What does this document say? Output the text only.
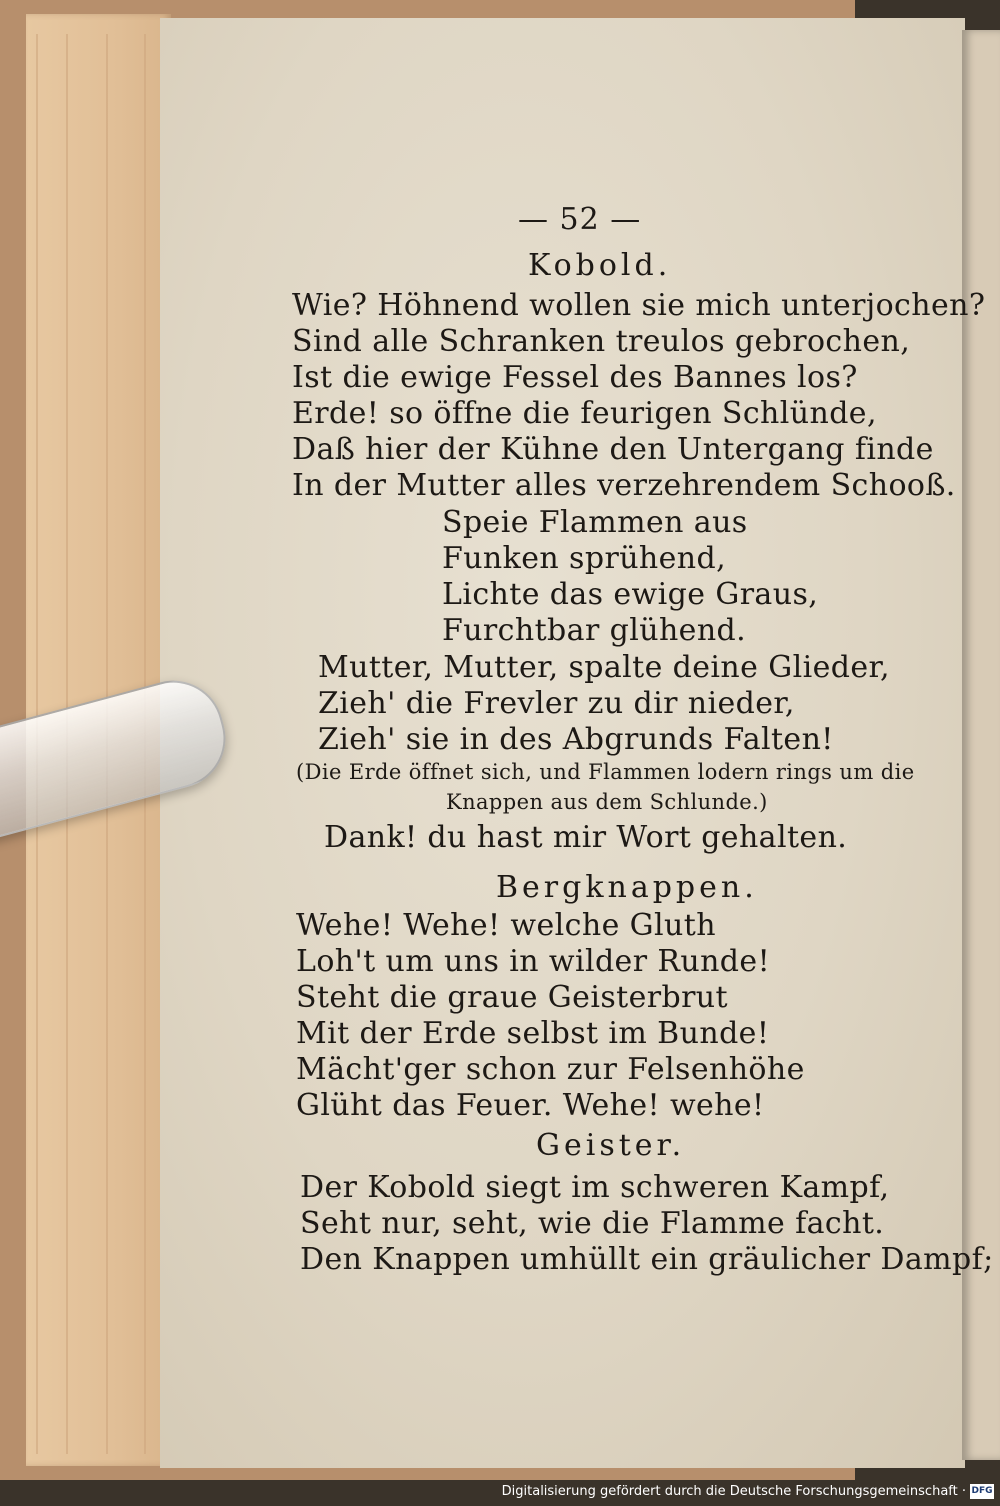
— 52 —
Kobold.
Wie? Höhnend wollen sie mich unterjochen?
Sind alle Schranken treulos gebrochen,
Ist die ewige Fessel des Bannes los?
Erde! so öffne die feurigen Schlünde,
Daß hier der Kühne den Untergang finde
In der Mutter alles verzehrendem Schooß.
Speie Flammen aus
Funken sprühend,
Lichte das ewige Graus,
Furchtbar glühend.
Mutter, Mutter, spalte deine Glieder,
Zieh' die Frevler zu dir nieder,
Zieh' sie in des Abgrunds Falten!
(Die Erde öffnet sich, und Flammen lodern rings um die
Knappen aus dem Schlunde.)
Dank! du hast mir Wort gehalten.
Bergknappen.
Wehe! Wehe! welche Gluth
Loh't um uns in wilder Runde!
Steht die graue Geisterbrut
Mit der Erde selbst im Bunde!
Mächt'ger schon zur Felsenhöhe
Glüht das Feuer. Wehe! wehe!
Geister.
Der Kobold siegt im schweren Kampf,
Seht nur, seht, wie die Flamme facht.
Den Knappen umhüllt ein gräulicher Dampf;
Digitalisierung gefördert durch die Deutsche Forschungsgemeinschaft · DFG
